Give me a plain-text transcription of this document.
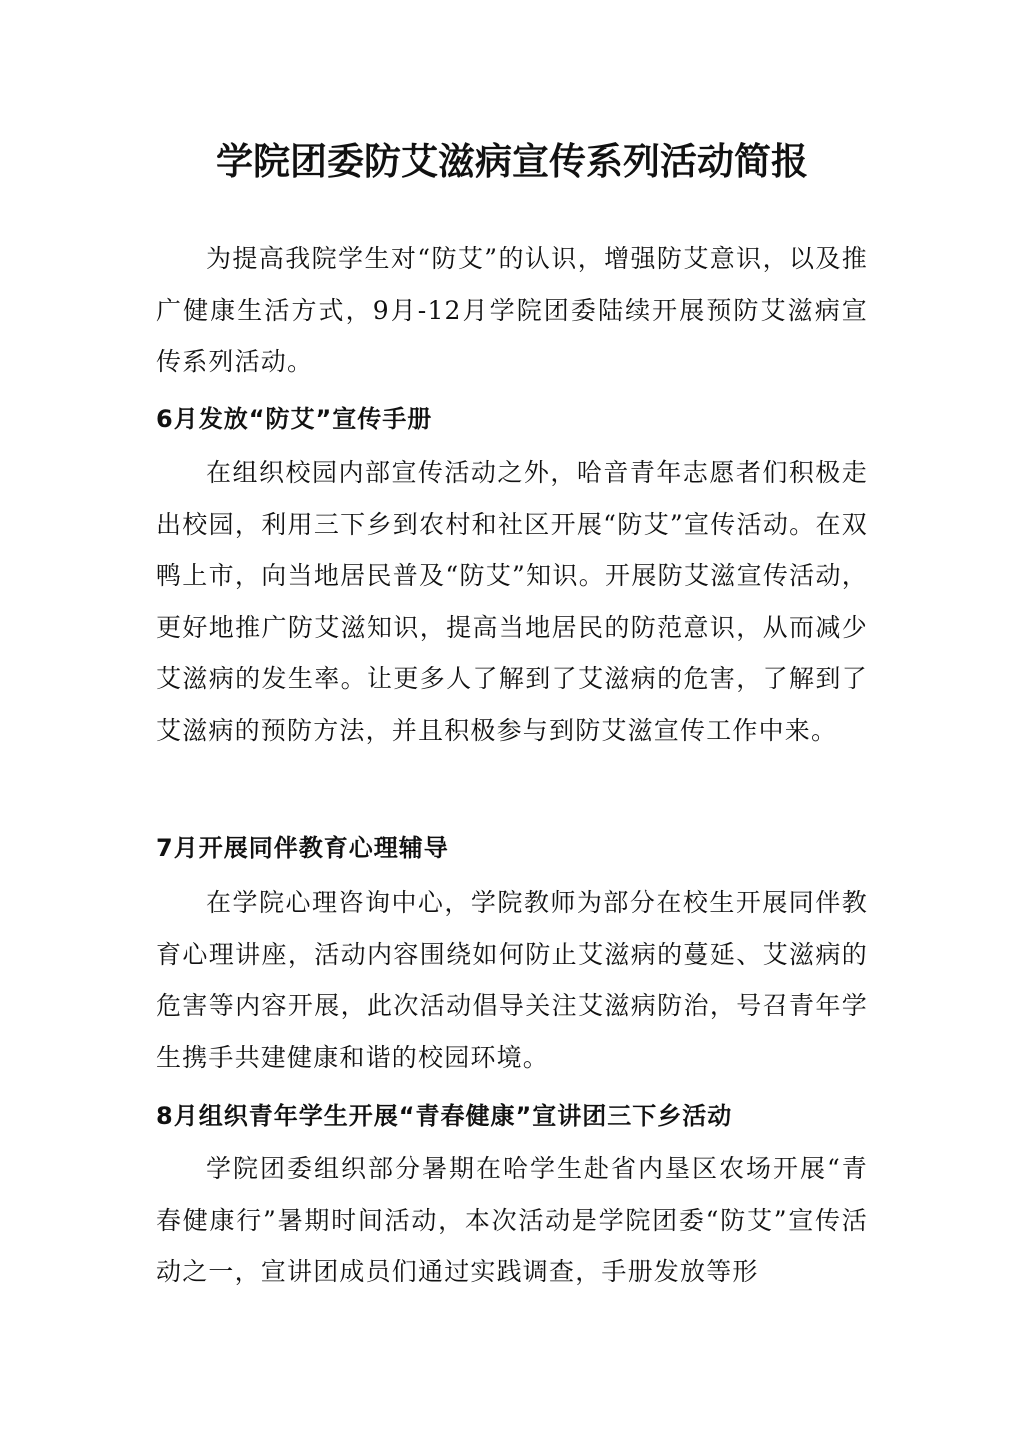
学院团委防艾滋病宣传系列活动简报

为提高我院学生对“防艾”的认识，增强防艾意识，以及推广健康生活方式，9月-12月学院团委陆续开展预防艾滋病宣传系列活动。

6月发放“防艾”宣传手册

在组织校园内部宣传活动之外，哈音青年志愿者们积极走出校园，利用三下乡到农村和社区开展“防艾”宣传活动。在双鸭上市，向当地居民普及“防艾”知识。开展防艾滋宣传活动，更好地推广防艾滋知识，提高当地居民的防范意识，从而减少艾滋病的发生率。让更多人了解到了艾滋病的危害，了解到了艾滋病的预防方法，并且积极参与到防艾滋宣传工作中来。

7月开展同伴教育心理辅导

在学院心理咨询中心，学院教师为部分在校生开展同伴教育心理讲座，活动内容围绕如何防止艾滋病的蔓延、艾滋病的危害等内容开展，此次活动倡导关注艾滋病防治，号召青年学生携手共建健康和谐的校园环境。

8月组织青年学生开展“青春健康”宣讲团三下乡活动

学院团委组织部分暑期在哈学生赴省内垦区农场开展“青春健康行”暑期时间活动，本次活动是学院团委“防艾”宣传活动之一，宣讲团成员们通过实践调查，手册发放等形
